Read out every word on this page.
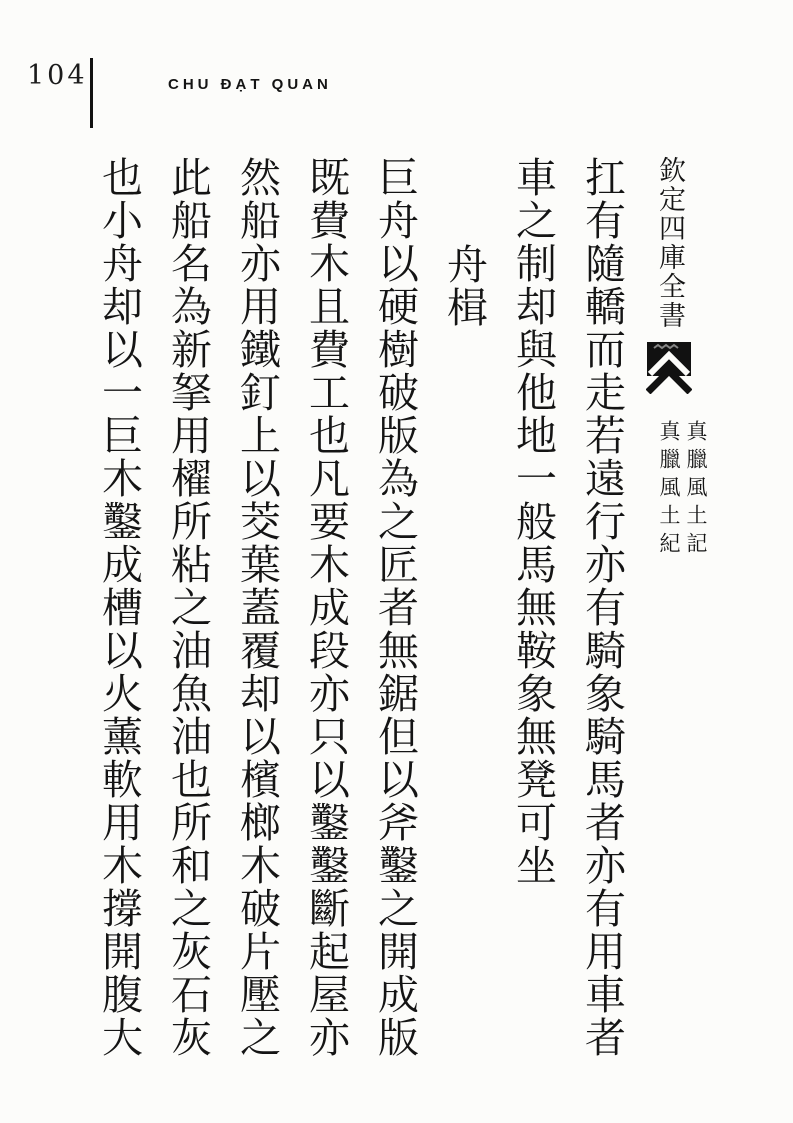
104	CHU ĐẠT QUAN
欽定四庫全書真臘風土記 真臘風土紀
扛有隨轎而走若遠行亦有騎象騎馬者亦有用車者
車之制却與他地一般馬無鞍象無凳可坐
舟楫
巨舟以硬樹破版為之匠者無鋸但以斧鑿之開成版
既費木且費工也凡要木成段亦只以鑿鑿斷起屋亦
然船亦用鐵釘上以茭葉蓋覆却以檳榔木破片壓之
此船名為新拏用櫂所粘之油魚油也所和之灰石灰
也小舟却以一巨木鑿成槽以火薰軟用木撐開腹大
